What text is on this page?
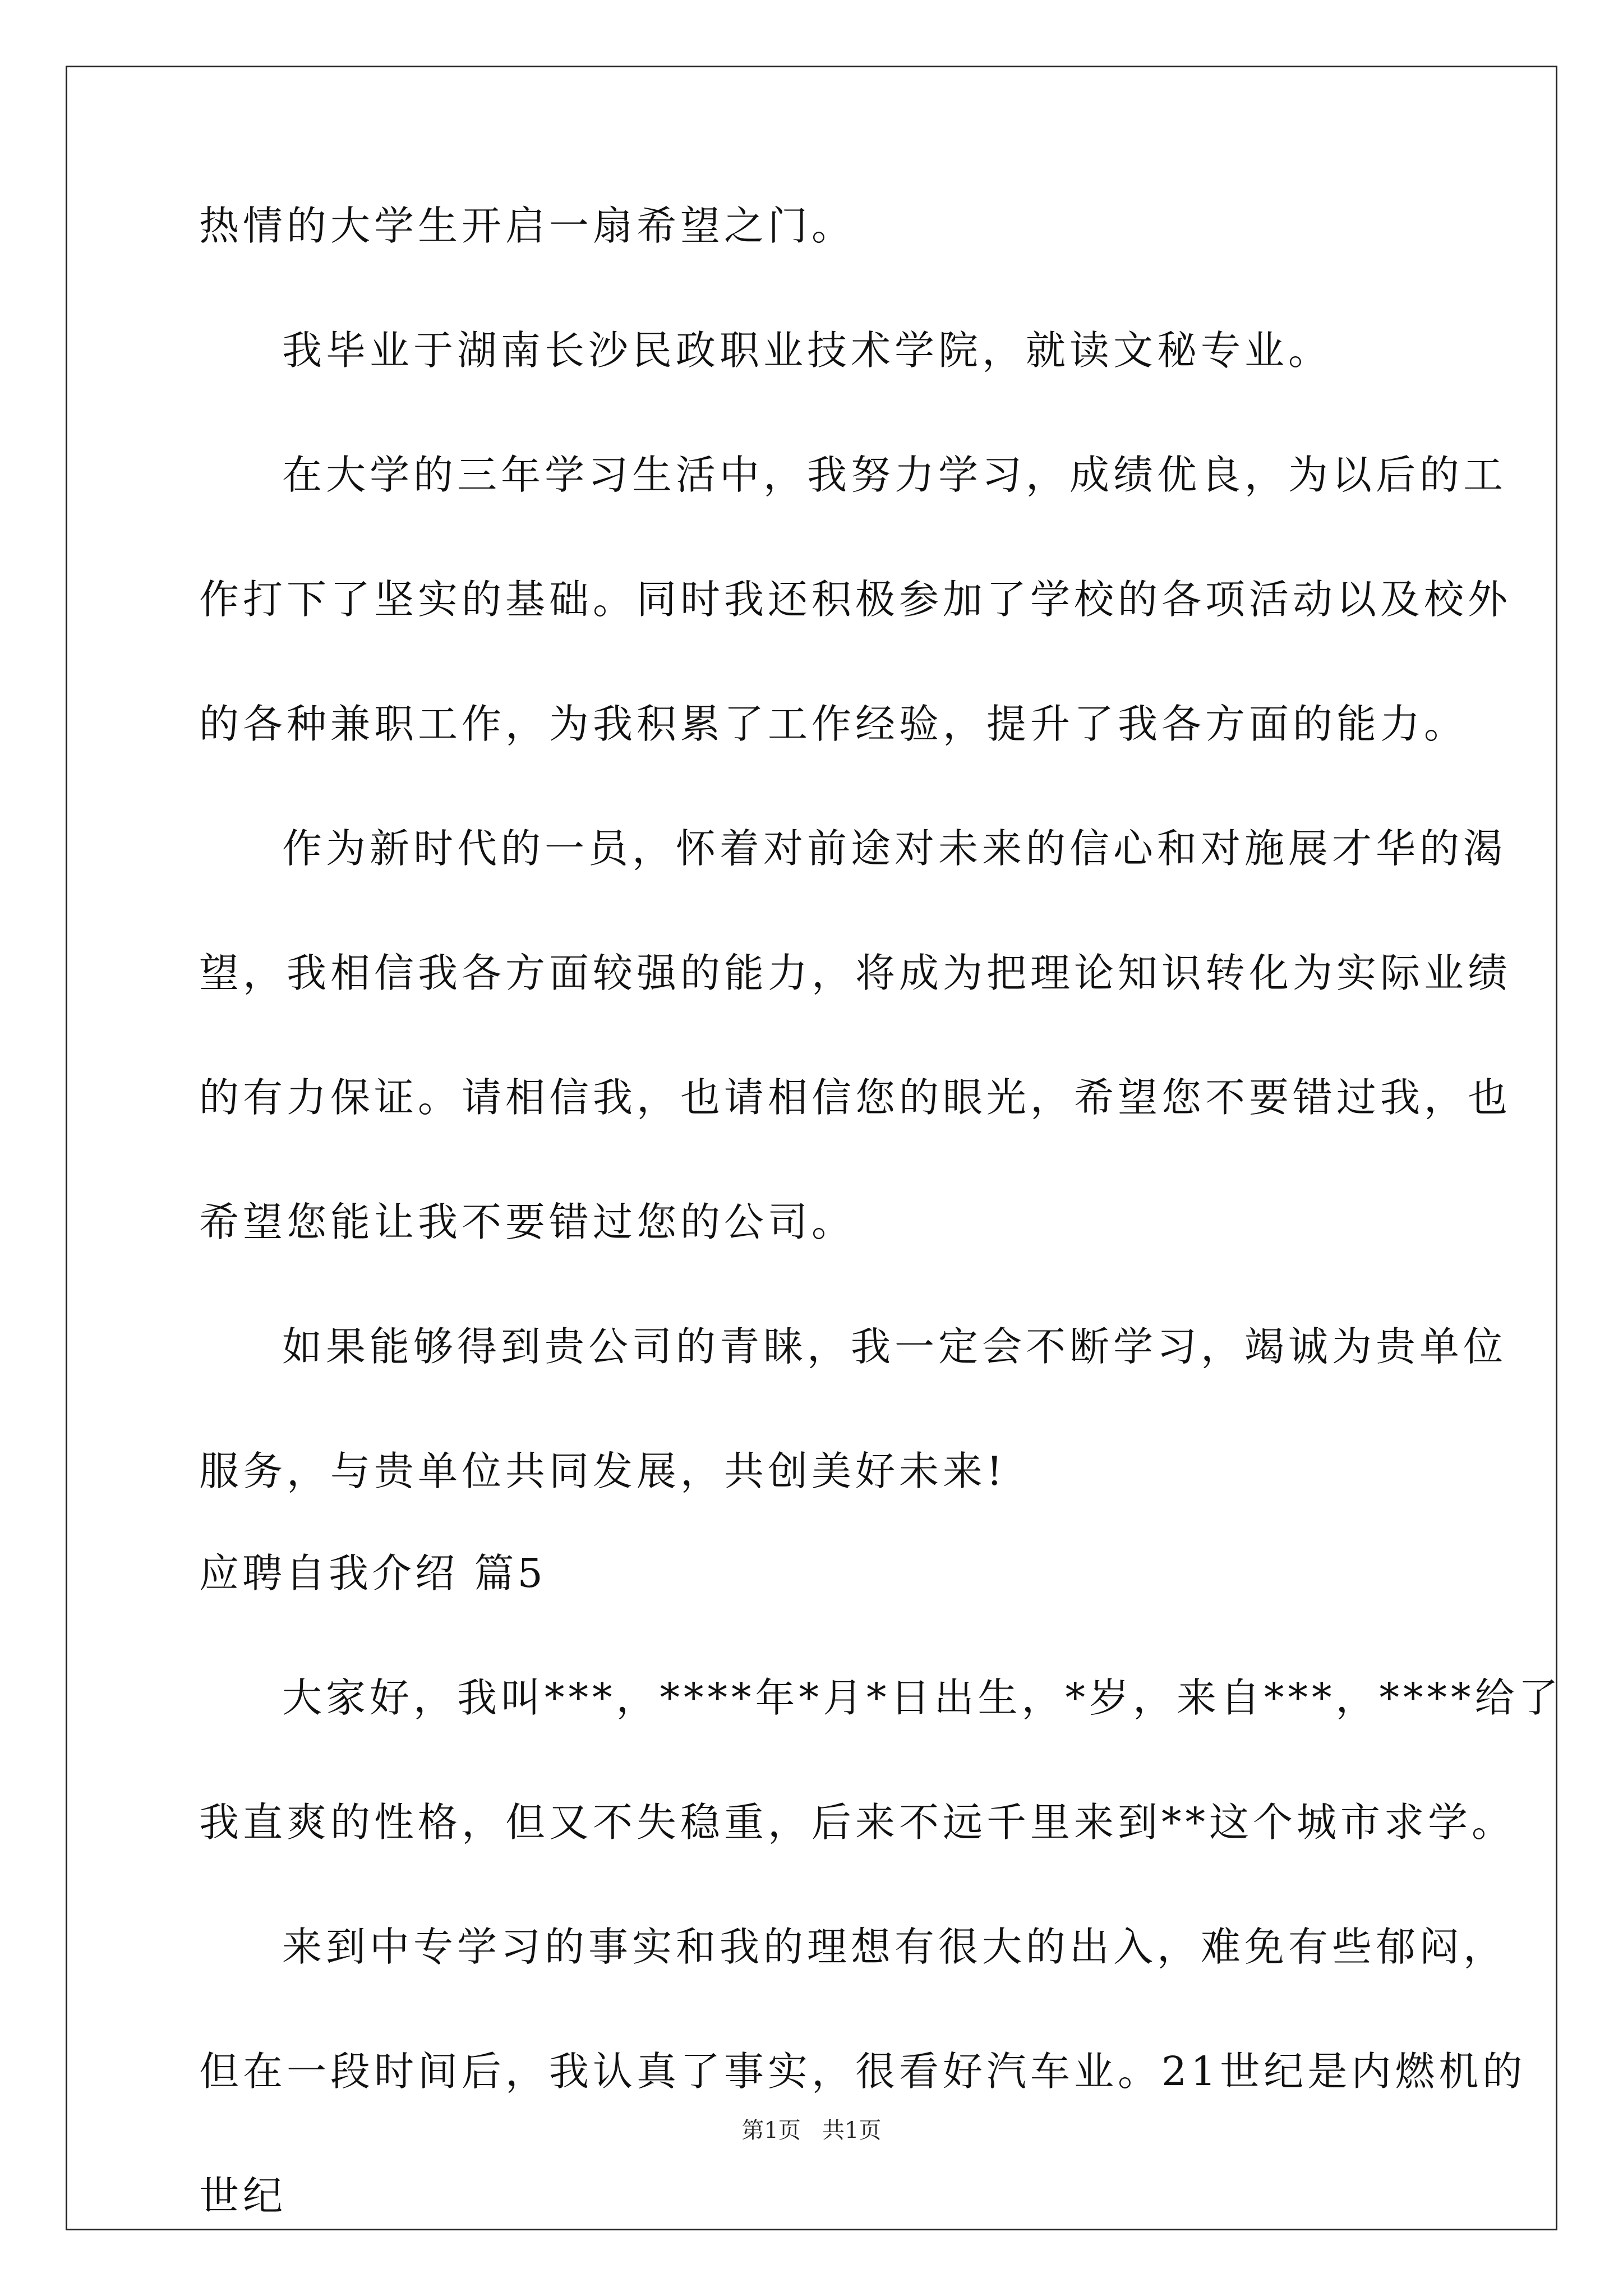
热情的大学生开启一扇希望之门。
我毕业于湖南长沙民政职业技术学院，就读文秘专业。
在大学的三年学习生活中，我努力学习，成绩优良，为以后的工
作打下了坚实的基础。同时我还积极参加了学校的各项活动以及校外
的各种兼职工作，为我积累了工作经验，提升了我各方面的能力。
作为新时代的一员，怀着对前途对未来的信心和对施展才华的渴
望，我相信我各方面较强的能力，将成为把理论知识转化为实际业绩
的有力保证。请相信我，也请相信您的眼光，希望您不要错过我，也
希望您能让我不要错过您的公司。
如果能够得到贵公司的青睐，我一定会不断学习，竭诚为贵单位
服务，与贵单位共同发展，共创美好未来!
应聘自我介绍 篇5
大家好，我叫***，****年*月*日出生，*岁，来自***，****给了
我直爽的性格，但又不失稳重，后来不远千里来到**这个城市求学。
来到中专学习的事实和我的理想有很大的出入，难免有些郁闷，
但在一段时间后，我认真了事实，很看好汽车业。21世纪是内燃机的
世纪
第1页   共1页
